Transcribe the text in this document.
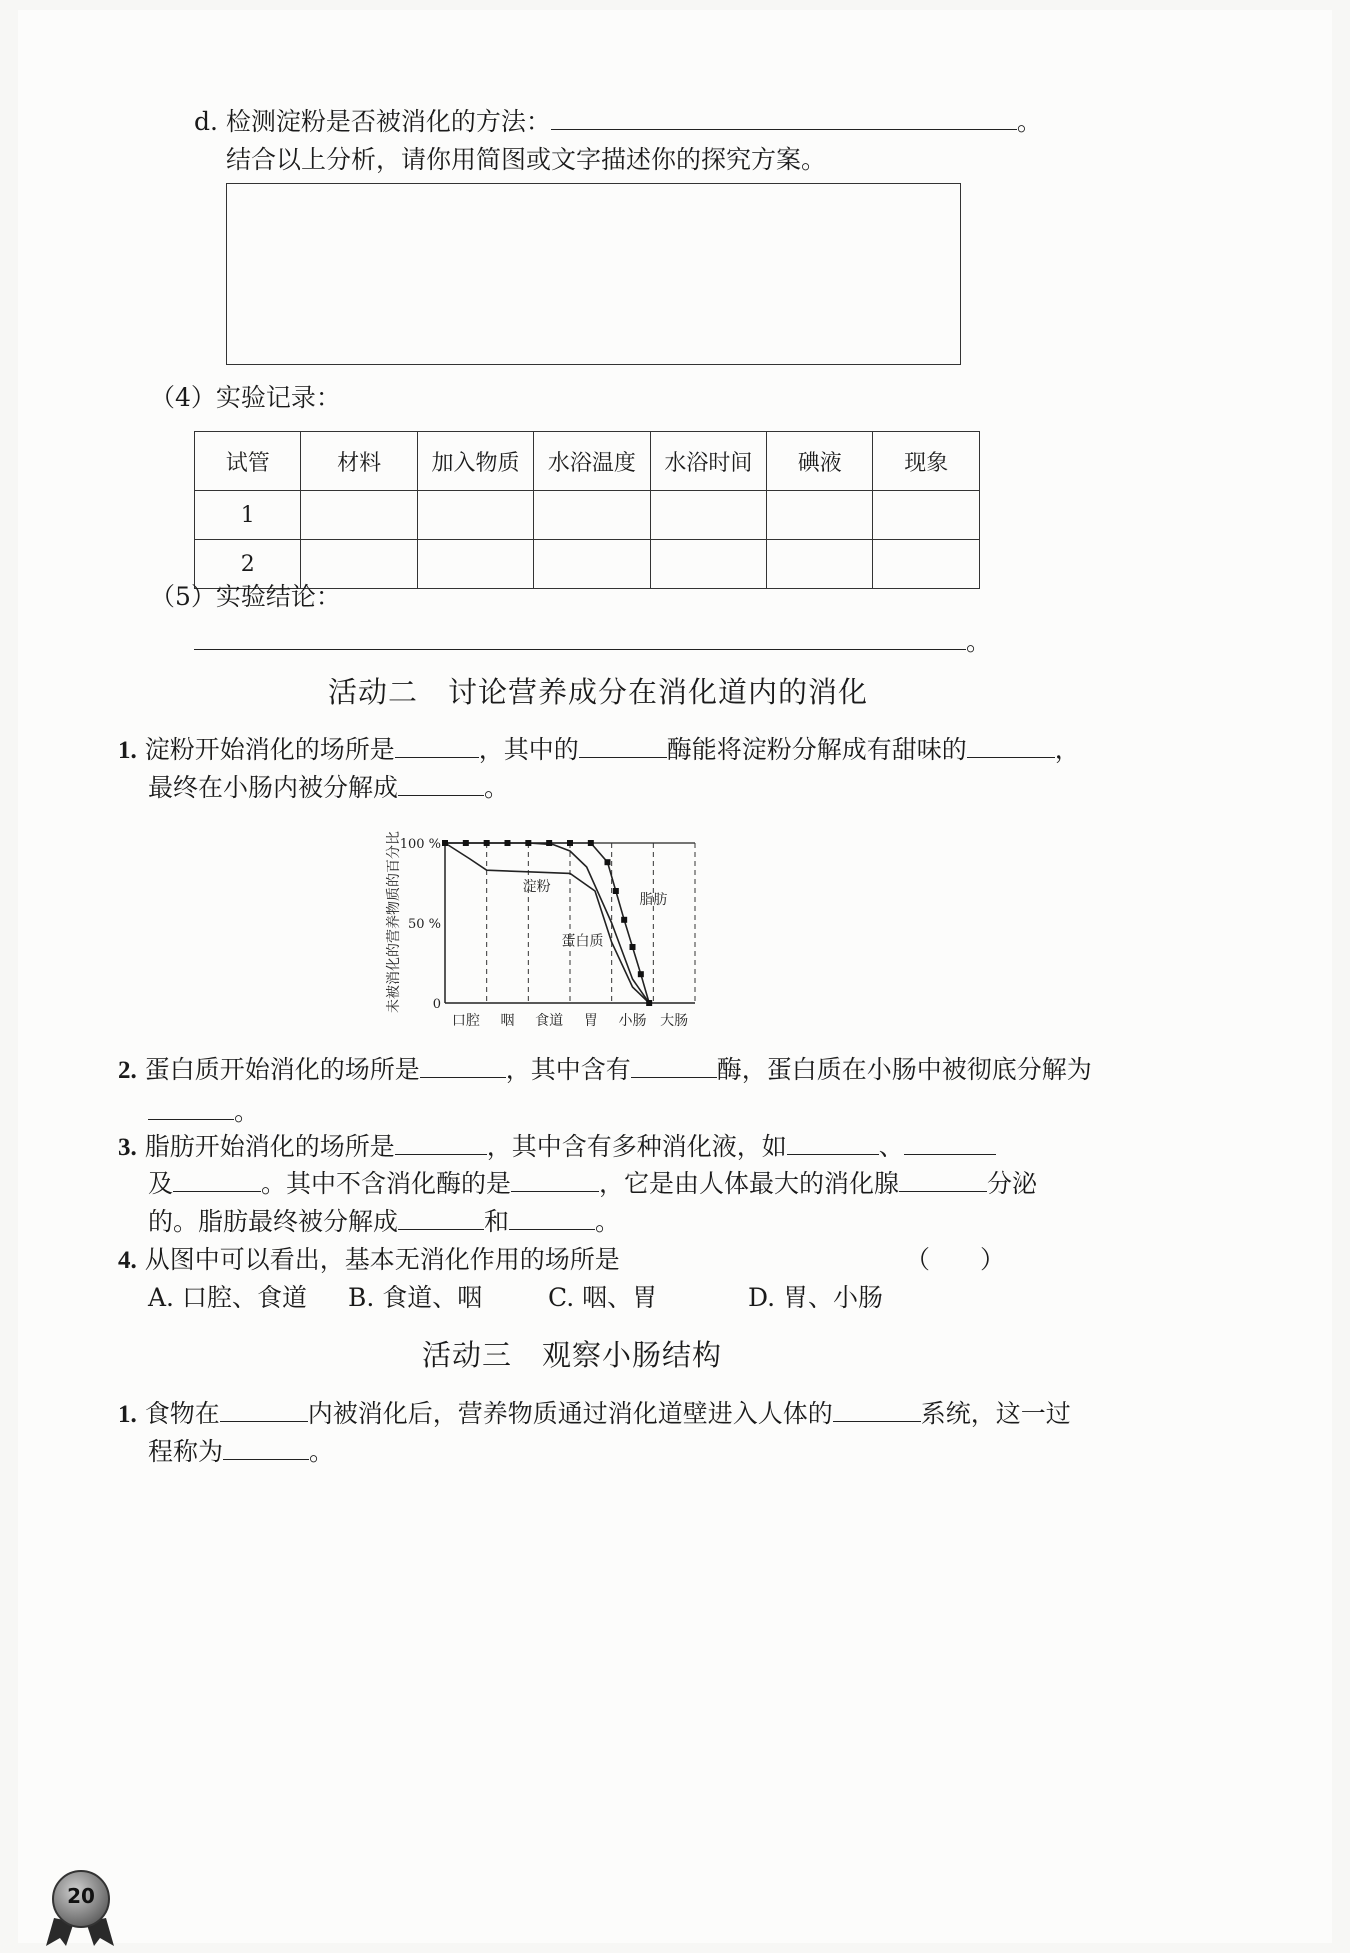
d. 检测淀粉是否被消化的方法：	。
结合以上分析，请你用简图或文字描述你的探究方案。
（4）实验记录：
试管	材料	加入物质	水浴温度	水浴时间	碘液	现象
1						
2						
（5）实验结论：
。
活动二　讨论营养成分在消化道内的消化
1. 淀粉开始消化的场所是	，其中的	酶能将淀粉分解成有甜味的	，
最终在小肠内被分解成	。
未被消化的营养物质的百分比
100 %
50 %
0
口腔 咽 食道 胃 小肠 大肠
淀粉
蛋白质
脂肪
2. 蛋白质开始消化的场所是	，其中含有	酶，蛋白质在小肠中被彻底分解为
。
3. 脂肪开始消化的场所是	，其中含有多种消化液，如	、
及	。其中不含消化酶的是	，它是由人体最大的消化腺	分泌
的。脂肪最终被分解成	和	。
4. 从图中可以看出，基本无消化作用的场所是	（　　）
A. 口腔、食道 B. 食道、咽	C. 咽、胃	D. 胃、小肠
活动三　观察小肠结构
1. 食物在	内被消化后，营养物质通过消化道壁进入人体的	系统，这一过
程称为	。
20
